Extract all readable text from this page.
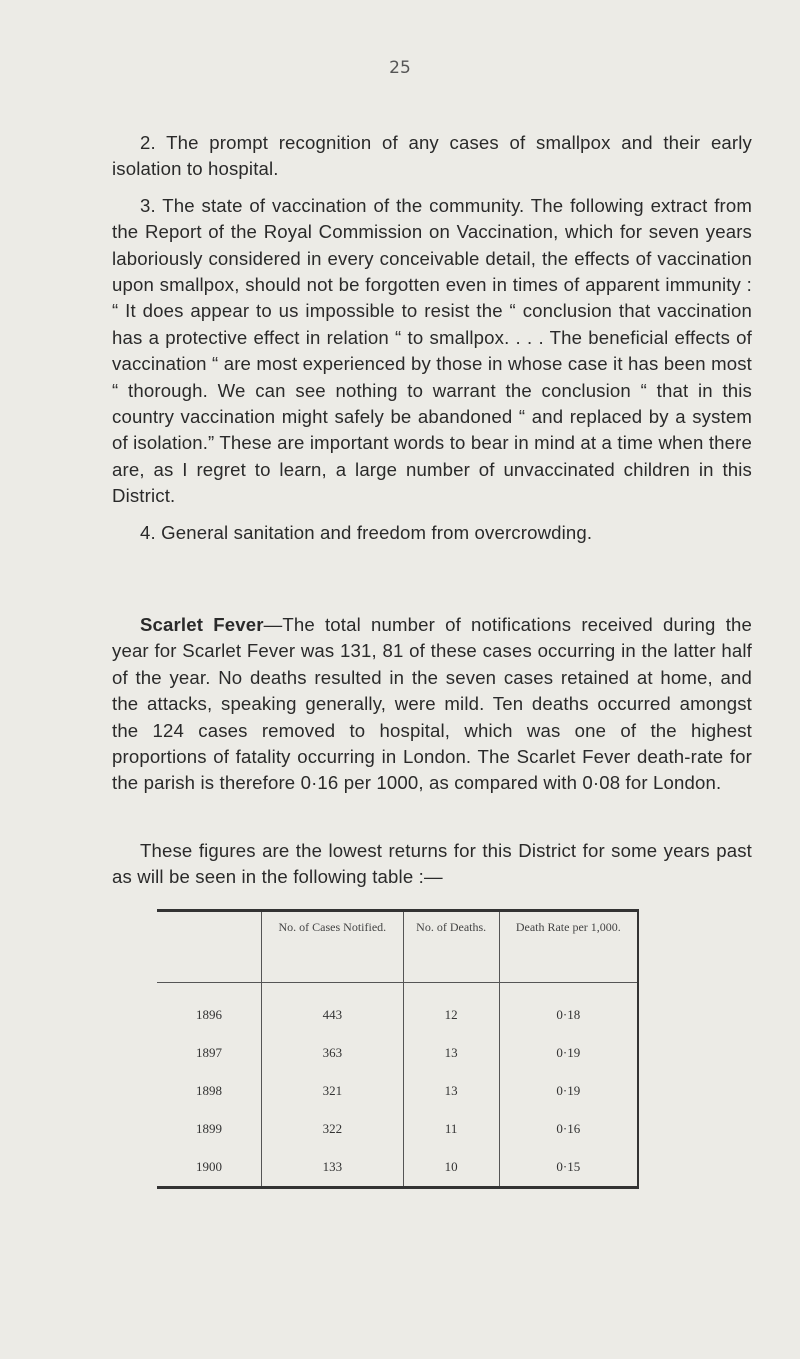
25

2. The prompt recognition of any cases of smallpox and their early isolation to hospital.

3. The state of vaccination of the community. The following extract from the Report of the Royal Commission on Vaccination, which for seven years laboriously considered in every conceivable detail, the effects of vaccination upon smallpox, should not be forgotten even in times of apparent immunity : “ It does appear to us impossible to resist the “ conclusion that vaccination has a protective effect in relation “ to smallpox. . . . The beneficial effects of vaccination “ are most experienced by those in whose case it has been most “ thorough. We can see nothing to warrant the conclusion “ that in this country vaccination might safely be abandoned “ and replaced by a system of isolation.” These are important words to bear in mind at a time when there are, as I regret to learn, a large number of unvaccinated children in this District.

4. General sanitation and freedom from overcrowding.

Scarlet Fever—The total number of notifications received during the year for Scarlet Fever was 131, 81 of these cases occurring in the latter half of the year. No deaths resulted in the seven cases retained at home, and the attacks, speaking generally, were mild. Ten deaths occurred amongst the 124 cases removed to hospital, which was one of the highest proportions of fatality occurring in London. The Scarlet Fever death-rate for the parish is therefore 0·16 per 1000, as compared with 0·08 for London.

These figures are the lowest returns for this District for some years past as will be seen in the following table :—

	No. of Cases Notified.	No. of Deaths.	Death Rate per 1,000.
1896	443	12	0·18
1897	363	13	0·19
1898	321	13	0·19
1899	322	11	0·16
1900	133	10	0·15
